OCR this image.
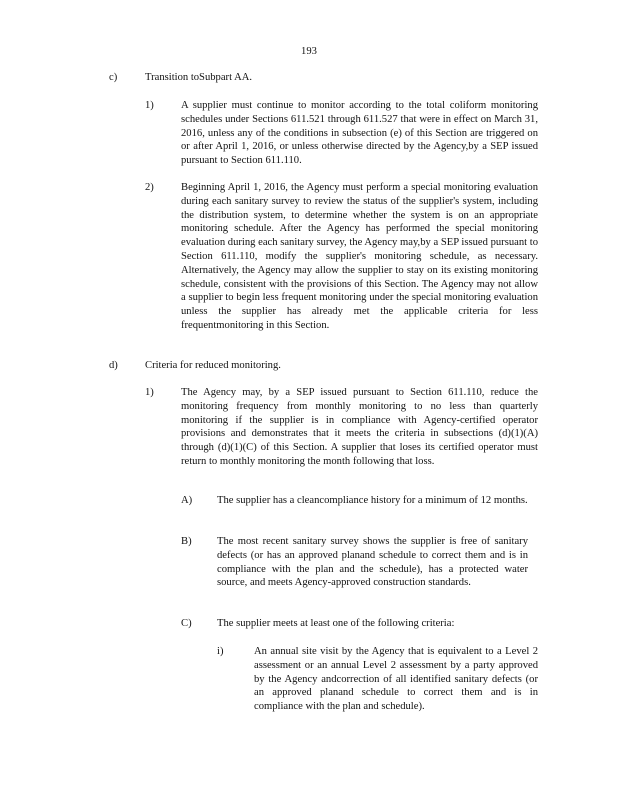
193
c)	Transition toSubpart AA.
1)	A supplier must continue to monitor according to the total coliform monitoring schedules under Sections 611.521 through 611.527 that were in effect on March 31, 2016, unless any of the conditions in subsection (e) of this Section are triggered on or after April 1, 2016, or unless otherwise directed by the Agency,by a SEP issued pursuant to Section 611.110.

2)	Beginning April 1, 2016, the Agency must perform a special monitoring evaluation during each sanitary survey to review the status of the supplier's system, including the distribution system, to determine whether the system is on an appropriate monitoring schedule. After the Agency has performed the special monitoring evaluation during each sanitary survey, the Agency may,by a SEP issued pursuant to Section 611.110, modify the supplier's monitoring schedule, as necessary. Alternatively, the Agency may allow the supplier to stay on its existing monitoring schedule, consistent with the provisions of this Section. The Agency may not allow a supplier to begin less frequent monitoring under the special monitoring evaluation unless the supplier has already met the applicable criteria for less frequentmonitoring in this Section.

d)	Criteria for reduced monitoring.
1)	The Agency may, by a SEP issued pursuant to Section 611.110, reduce the monitoring frequency from monthly monitoring to no less than quarterly monitoring if the supplier is in compliance with Agency-certified operator provisions and demonstrates that it meets the criteria in subsections (d)(1)(A) through (d)(1)(C) of this Section. A supplier that loses its certified operator must return to monthly monitoring the month following that loss.

A) The supplier has a cleancompliance history for a minimum of 12 months.

B) The most recent sanitary survey shows the supplier is free of sanitary defects (or has an approved planand schedule to correct them and is in compliance with the plan and the schedule), has a protected water source, and meets Agency-approved construction standards.

C) The supplier meets at least one of the following criteria:

i)	An annual site visit by the Agency that is equivalent to a Level 2 assessment or an annual Level 2 assessment by a party approved by the Agency andcorrection of all identified sanitary defects (or an approved planand schedule to correct them and is in compliance with the plan and schedule).
